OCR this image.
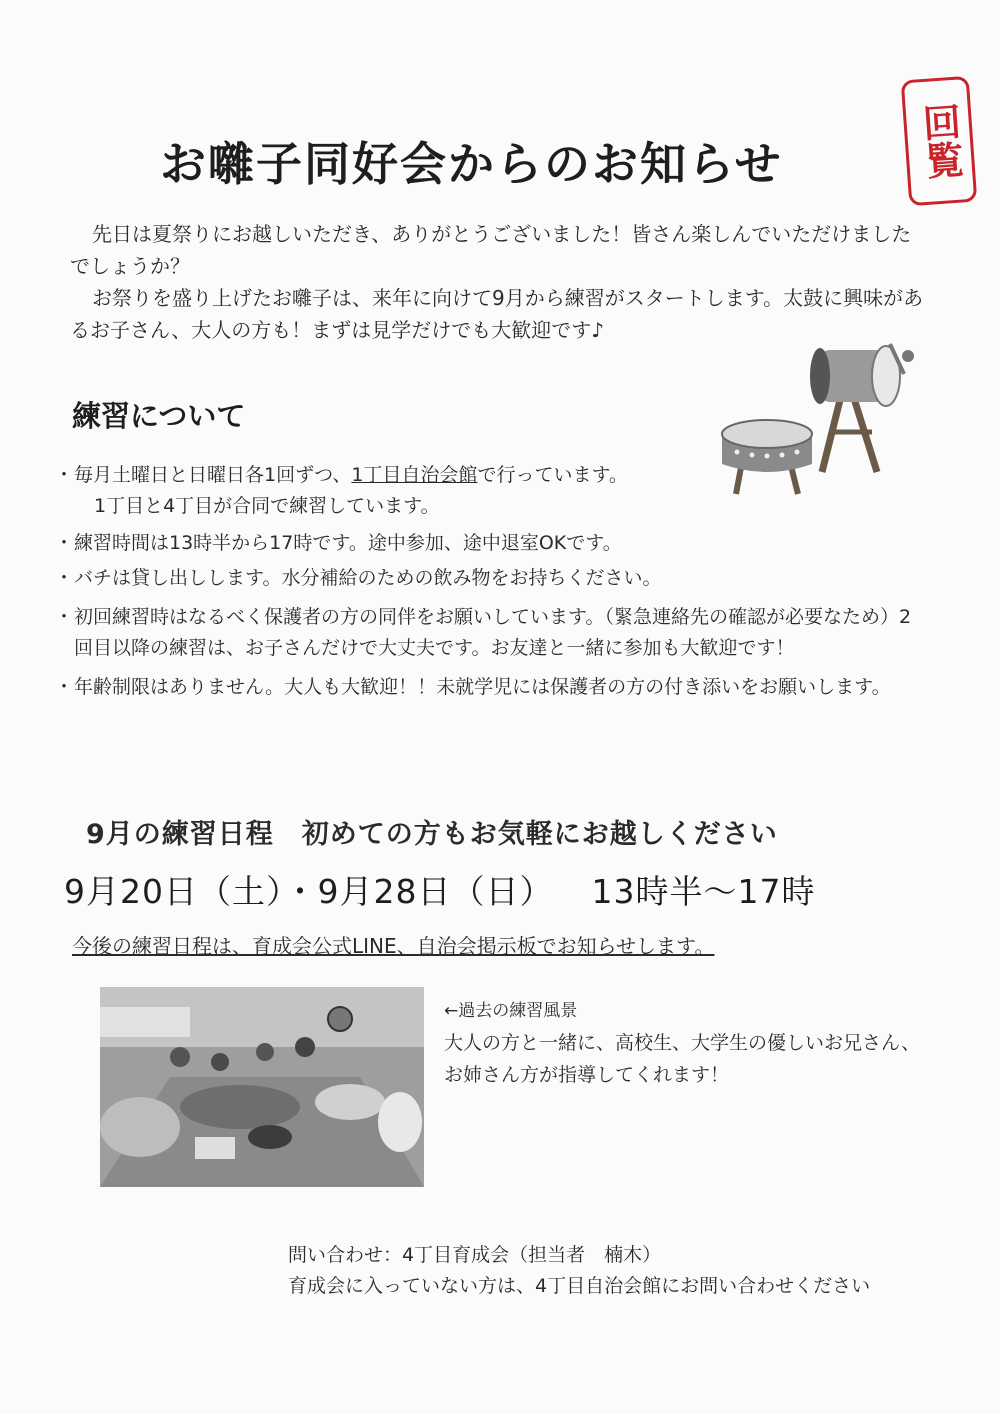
回覧
お囃子同好会からのお知らせ

先日は夏祭りにお越しいただき、ありがとうございました！皆さん楽しんでいただけましたでしょうか？

お祭りを盛り上げたお囃子は、来年に向けて9月から練習がスタートします。太鼓に興味があるお子さん、大人の方も！まずは見学だけでも大歓迎です♪

練習について
・毎月土曜日と日曜日各1回ずつ、1丁目自治会館で行っています。
1丁目と4丁目が合同で練習しています。
・練習時間は13時半から17時です。途中参加、途中退室OKです。
・バチは貸し出しします。水分補給のための飲み物をお持ちください。
・初回練習時はなるべく保護者の方の同伴をお願いしています。（緊急連絡先の確認が必要なため）2回目以降の練習は、お子さんだけで大丈夫です。お友達と一緒に参加も大歓迎です！
・年齢制限はありません。大人も大歓迎！！未就学児には保護者の方の付き添いをお願いします。
9月の練習日程　初めての方もお気軽にお越しください
9月20日（土）・9月28日（日） 13時半～17時
今後の練習日程は、育成会公式LINE、自治会掲示板でお知らせします。
←過去の練習風景
大人の方と一緒に、高校生、大学生の優しいお兄さん、お姉さん方が指導してくれます！
問い合わせ：4丁目育成会（担当者　楠木）
育成会に入っていない方は、4丁目自治会館にお問い合わせください
